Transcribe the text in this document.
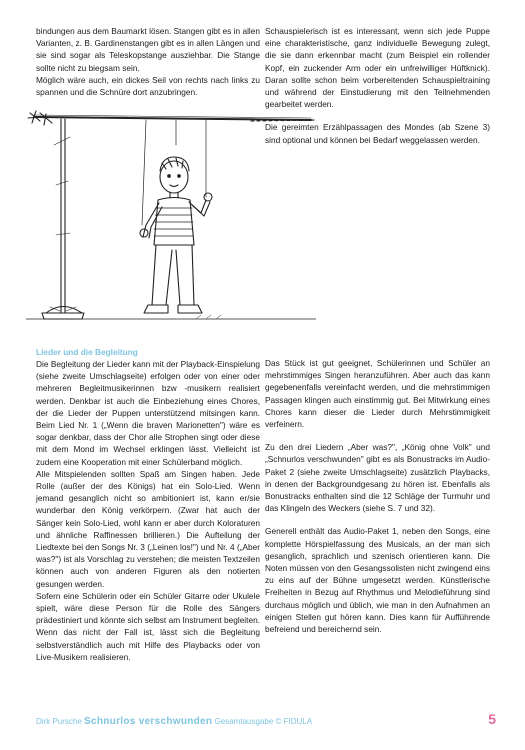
bindungen aus dem Baumarkt lösen. Stangen gibt es in allen Varianten, z. B. Gardinenstangen gibt es in allen Längen und sie sind sogar als Teleskopstange ausziehbar. Die Stange sollte nicht zu biegsam sein.

Möglich wäre auch, ein dickes Seil von rechts nach links zu spannen und die Schnüre dort anzubringen.

Schauspielerisch ist es interessant, wenn sich jede Puppe eine charakteristische, ganz individuelle Bewegung zulegt, die sie dann erkennbar macht (zum Beispiel ein rollender Kopf, ein zuckender Arm oder ein unfreiwilliger Hüftknick). Daran sollte schon beim vorbereitenden Schauspieltraining und während der Einstudierung mit den Teilnehmenden gearbeitet werden.

Die gereimten Erzählpassagen des Mondes (ab Szene 3) sind optional und können bei Bedarf weggelassen werden.

Lieder und die Begleitung

Die Begleitung der Lieder kann mit der Playback-Einspielung (siehe zweite Umschlagseite) erfolgen oder von einer oder mehreren Begleitmusikerinnen bzw -musikern realisiert werden. Denkbar ist auch die Einbeziehung eines Chores, der die Lieder der Puppen unterstützend mitsingen kann. Beim Lied Nr. 1 („Wenn die braven Marionetten") wäre es sogar denkbar, dass der Chor alle Strophen singt oder diese mit dem Mond im Wechsel erklingen lässt. Vielleicht ist zudem eine Kooperation mit einer Schülerband möglich.

Alle Mitspielenden sollten Spaß am Singen haben. Jede Rolle (außer der des Königs) hat ein Solo-Lied. Wenn jemand gesanglich nicht so ambitioniert ist, kann er/sie wunderbar den König verkörpern. (Zwar hat auch der Sänger kein Solo-Lied, wohl kann er aber durch Koloraturen und ähnliche Raffinessen brillieren.) Die Aufteilung der Liedtexte bei den Songs Nr. 3 („Leinen los!") und Nr. 4 („Aber was?") ist als Vorschlag zu verstehen; die meisten Textzeilen können auch von anderen Figuren als den notierten gesungen werden.

Sofern eine Schülerin oder ein Schüler Gitarre oder Ukulele spielt, wäre diese Person für die Rolle des Sängers prädestiniert und könnte sich selbst am Instrument begleiten. Wenn das nicht der Fall ist, lässt sich die Begleitung selbstverständlich auch mit Hilfe des Playbacks oder von Live-Musikern realisieren.

Das Stück ist gut geeignet, Schülerinnen und Schüler an mehrstimmiges Singen heranzuführen. Aber auch das kann gegebenenfalls vereinfacht werden, und die mehrstimmigen Passagen klingen auch einstimmig gut. Bei Mitwirkung eines Chores kann dieser die Lieder durch Mehrstimmigkeit verfeinern.

Zu den drei Liedern „Aber was?", „König ohne Volk" und „Schnurlos verschwunden" gibt es als Bonustracks im Audio-Paket 2 (siehe zweite Umschlagseite) zusätzlich Playbacks, in denen der Backgroundgesang zu hören ist. Ebenfalls als Bonustracks enthalten sind die 12 Schläge der Turmuhr und das Klingeln des Weckers (siehe S. 7 und 32).

Generell enthält das Audio-Paket 1, neben den Songs, eine komplette Hörspielfassung des Musicals, an der man sich gesanglich, sprachlich und szenisch orientieren kann. Die Noten müssen von den Gesangssolisten nicht zwingend eins zu eins auf der Bühne umgesetzt werden. Künstlerische Freiheiten in Bezug auf Rhythmus und Melodieführung sind durchaus möglich und üblich, wie man in den Aufnahmen an einigen Stellen gut hören kann. Dies kann für Aufführende befreiend und bereichernd sein.

Dirk Pursche Schnurlos verschwunden Gesamtausgabe © FIDULA	5
